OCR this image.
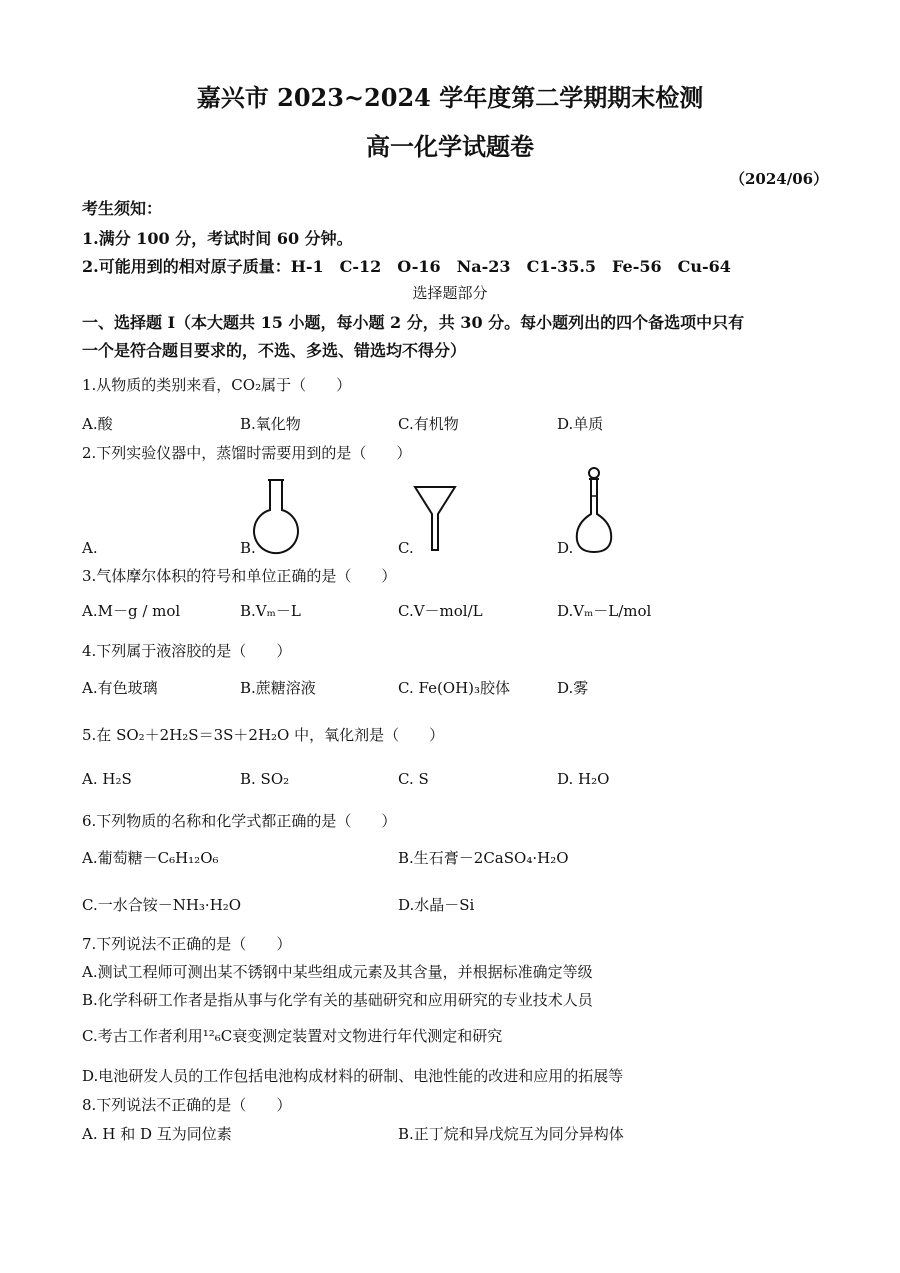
嘉兴市 2023~2024 学年度第二学期期末检测
高一化学试题卷
（2024/06）
考生须知：
1.满分 100 分，考试时间 60 分钟。
2.可能用到的相对原子质量：H-1　C-12　O-16　Na-23　C1-35.5　Fe-56　Cu-64
选择题部分
一、选择题 I（本大题共 15 小题，每小题 2 分，共 30 分。每小题列出的四个备选项中只有
一个是符合题目要求的，不选、多选、错选均不得分）
1.从物质的类别来看，CO₂属于（　　）
A.酸	B.氧化物	C.有机物	D.单质
2.下列实验仪器中，蒸馏时需要用到的是（　　）
A.	B.	C.	D.
3.气体摩尔体积的符号和单位正确的是（　　）
A.M－g / mol	B.Vₘ－L	C.V－mol/L	D.Vₘ－L/mol
4.下列属于液溶胶的是（　　）
A.有色玻璃	B.蔗糖溶液	C. Fe(OH)₃胶体	D.雾
5.在 SO₂＋2H₂S＝3S＋2H₂O 中，氧化剂是（　　）
A. H₂S	B. SO₂	C. S	D. H₂O
6.下列物质的名称和化学式都正确的是（　　）
A.葡萄糖－C₆H₁₂O₆	B.生石膏－2CaSO₄·H₂O
C.一水合铵－NH₃·H₂O	D.水晶－Si
7.下列说法不正确的是（　　）
A.测试工程师可测出某不锈钢中某些组成元素及其含量，并根据标准确定等级
B.化学科研工作者是指从事与化学有关的基础研究和应用研究的专业技术人员
C.考古工作者利用¹²₆C衰变测定装置对文物进行年代测定和研究
D.电池研发人员的工作包括电池构成材料的研制、电池性能的改进和应用的拓展等
8.下列说法不正确的是（　　）
A. H 和 D 互为同位素	B.正丁烷和异戊烷互为同分异构体
